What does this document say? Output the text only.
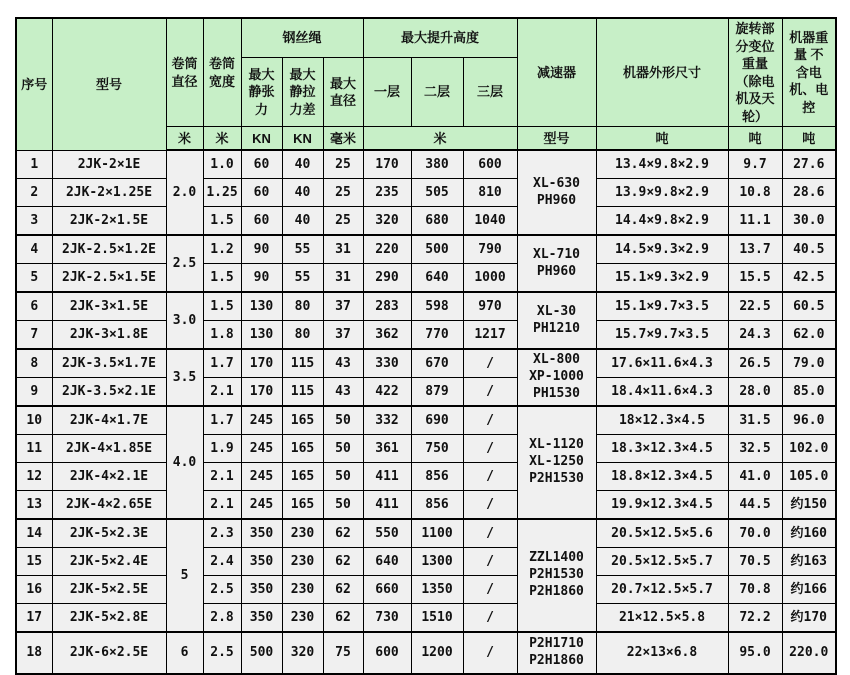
序号	型号	卷筒直径	卷筒宽度	钢丝绳			最大提升高度			减速器	机器外形尺寸	旋转部分变位重量（除电机及天轮）	机器重量 不含电机、电控
				最大静张力	最大静拉力差	最大直径	一层	二层	三层				
		米	米	KN	KN	毫米	米			型号	吨	吨	吨
1	2JK-2×1E	2.0	1.0	60	40	25	170	380	600	XL-630
PH960	13.4×9.8×2.9	9.7	27.6
2	2JK-2×1.25E		1.25	60	40	25	235	505	810		13.9×9.8×2.9	10.8	28.6
3	2JK-2×1.5E		1.5	60	40	25	320	680	1040		14.4×9.8×2.9	11.1	30.0
4	2JK-2.5×1.2E	2.5	1.2	90	55	31	220	500	790	XL-710
PH960	14.5×9.3×2.9	13.7	40.5
5	2JK-2.5×1.5E		1.5	90	55	31	290	640	1000		15.1×9.3×2.9	15.5	42.5
6	2JK-3×1.5E	3.0	1.5	130	80	37	283	598	970	XL-30
PH1210	15.1×9.7×3.5	22.5	60.5
7	2JK-3×1.8E		1.8	130	80	37	362	770	1217		15.7×9.7×3.5	24.3	62.0
8	2JK-3.5×1.7E	3.5	1.7	170	115	43	330	670	/	XL-800
XP-1000
PH1530	17.6×11.6×4.3	26.5	79.0
9	2JK-3.5×2.1E		2.1	170	115	43	422	879	/		18.4×11.6×4.3	28.0	85.0
10	2JK-4×1.7E	4.0	1.7	245	165	50	332	690	/	XL-1120
XL-1250
P2H1530	18×12.3×4.5	31.5	96.0
11	2JK-4×1.85E		1.9	245	165	50	361	750	/		18.3×12.3×4.5	32.5	102.0
12	2JK-4×2.1E		2.1	245	165	50	411	856	/		18.8×12.3×4.5	41.0	105.0
13	2JK-4×2.65E		2.1	245	165	50	411	856	/		19.9×12.3×4.5	44.5	约150
14	2JK-5×2.3E	5	2.3	350	230	62	550	1100	/	ZZL1400
P2H1530
P2H1860	20.5×12.5×5.6	70.0	约160
15	2JK-5×2.4E		2.4	350	230	62	640	1300	/		20.5×12.5×5.7	70.5	约163
16	2JK-5×2.5E		2.5	350	230	62	660	1350	/		20.7×12.5×5.7	70.8	约166
17	2JK-5×2.8E		2.8	350	230	62	730	1510	/		21×12.5×5.8	72.2	约170
18	2JK-6×2.5E	6	2.5	500	320	75	600	1200	/	P2H1710
P2H1860	22×13×6.8	95.0	220.0
